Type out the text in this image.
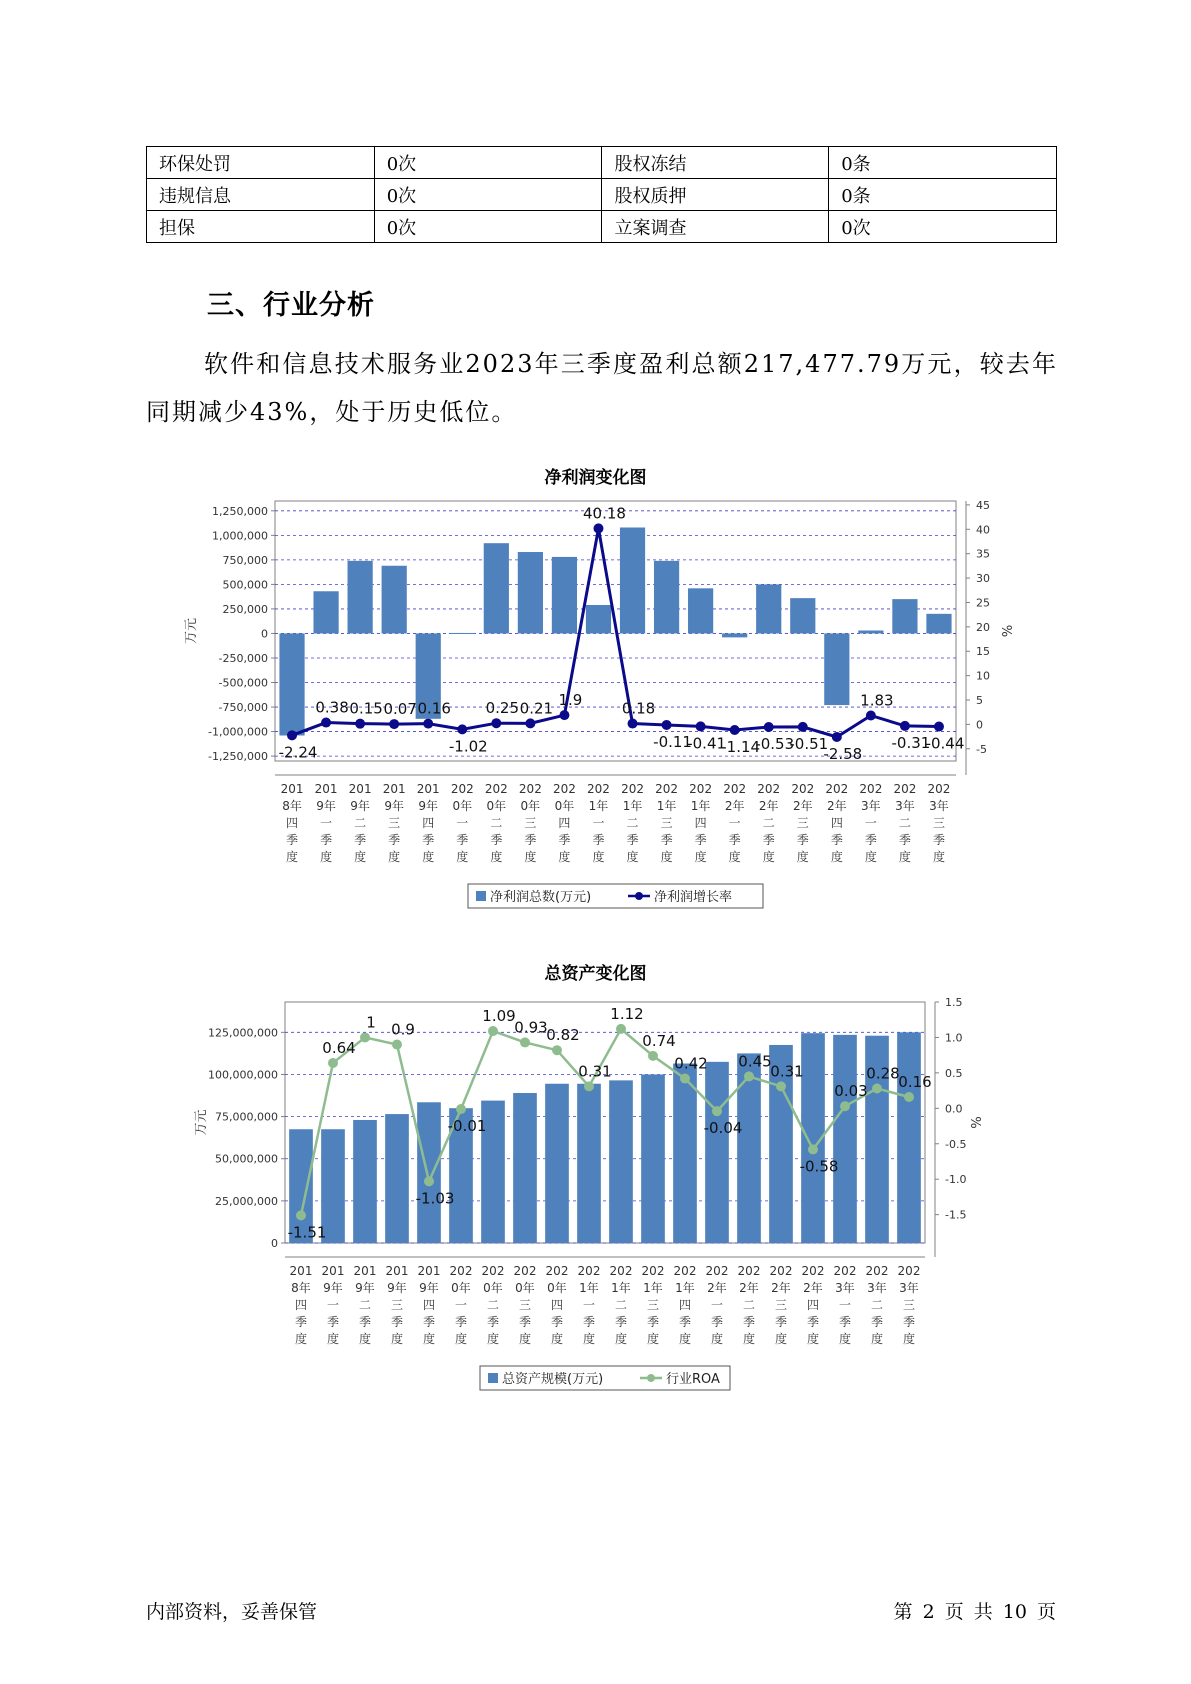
环保处罚	0次	股权冻结	0条
违规信息	0次	股权质押	0条
担保	0次	立案调查	0次
三、行业分析

软件和信息技术服务业2023年三季度盈利总额217,477.79万元，较去年同期减少43%，处于历史低位。

净利润变化图
1,250,000
1,000,000
750,000
500,000
250,000
0
-250,000
-500,000
-750,000
-1,000,000
-1,250,000
45
40
35
30
25
20
15
10
5
0
-5
万元	%
-2.24
0.38 0.15 0.07 0.16
-1.02
0.25 0.21 1.9
40.18
0.18
-0.11
-0.41
-1.14
-0.53
-0.51
-2.58
1.83
-0.31
-0.44
201
8年
四
季
度
201
9年
一
季
度
201
9年
二
季
度
201
9年
三
季
度
201
9年
四
季
度
202
0年
一
季
度
202
0年
二
季
度
202
0年
三
季
度
202
0年
四
季
度
202
1年
一
季
度
202
1年
二
季
度
202
1年
三
季
度
202
1年
四
季
度
202
2年
一
季
度
202
2年
二
季
度
202
2年
三
季
度
202
2年
四
季
度
202
3年
一
季
度
202
3年
二
季
度
202
3年
三
季
度
净利润总数(万元)	净利润增长率
总资产变化图
125,000,000
100,000,000
75,000,000
50,000,000
25,000,000
0
1.5
1.0
0.5
0.0
-0.5
-1.0
-1.5
万元	%
-1.51
0.64
1 0.9
-1.03
-0.01
1.09
0.93
0.82
0.31
1.12
0.74
0.42
-0.04
0.45
0.31
-0.58
0.03
0.28
0.16
201
8年
四
季
度
201
9年
一
季
度
201
9年
二
季
度
201
9年
三
季
度
201
9年
四
季
度
202
0年
一
季
度
202
0年
二
季
度
202
0年
三
季
度
202
0年
四
季
度
202
1年
一
季
度
202
1年
二
季
度
202
1年
三
季
度
202
1年
四
季
度
202
2年
一
季
度
202
2年
二
季
度
202
2年
三
季
度
202
2年
四
季
度
202
3年
一
季
度
202
3年
二
季
度
202
3年
三
季
度
总资产规模(万元)	行业ROA

内部资料，妥善保管	第 2 页 共 10 页
